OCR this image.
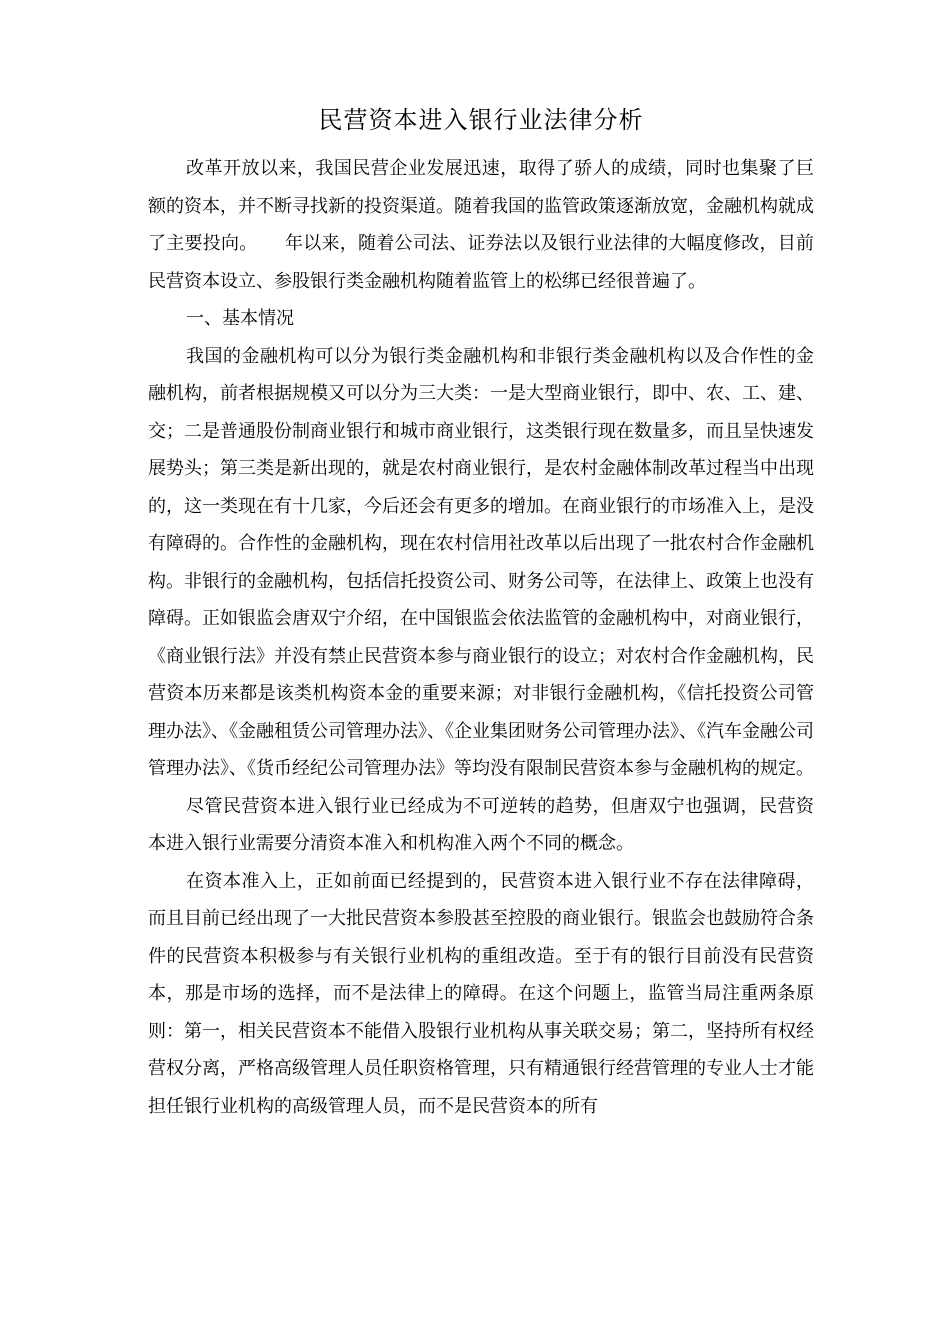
民营资本进入银行业法律分析

改革开放以来，我国民营企业发展迅速，取得了骄人的成绩，同时也集聚了巨额的资本，并不断寻找新的投资渠道。随着我国的监管政策逐渐放宽，金融机构就成了主要投向。　　年以来，随着公司法、证券法以及银行业法律的大幅度修改，目前民营资本设立、参股银行类金融机构随着监管上的松绑已经很普遍了。

一、基本情况

我国的金融机构可以分为银行类金融机构和非银行类金融机构以及合作性的金融机构，前者根据规模又可以分为三大类：一是大型商业银行，即中、农、工、建、交；二是普通股份制商业银行和城市商业银行，这类银行现在数量多，而且呈快速发展势头；第三类是新出现的，就是农村商业银行，是农村金融体制改革过程当中出现的，这一类现在有十几家，今后还会有更多的增加。在商业银行的市场准入上，是没有障碍的。合作性的金融机构，现在农村信用社改革以后出现了一批农村合作金融机构。非银行的金融机构，包括信托投资公司、财务公司等，在法律上、政策上也没有障碍。正如银监会唐双宁介绍，在中国银监会依法监管的金融机构中，对商业银行，《商业银行法》并没有禁止民营资本参与商业银行的设立；对农村合作金融机构，民营资本历来都是该类机构资本金的重要来源；对非银行金融机构，《信托投资公司管理办法》、《金融租赁公司管理办法》、《企业集团财务公司管理办法》、《汽车金融公司管理办法》、《货币经纪公司管理办法》等均没有限制民营资本参与金融机构的规定。

尽管民营资本进入银行业已经成为不可逆转的趋势，但唐双宁也强调，民营资本进入银行业需要分清资本准入和机构准入两个不同的概念。

在资本准入上，正如前面已经提到的，民营资本进入银行业不存在法律障碍，而且目前已经出现了一大批民营资本参股甚至控股的商业银行。银监会也鼓励符合条件的民营资本积极参与有关银行业机构的重组改造。至于有的银行目前没有民营资本，那是市场的选择，而不是法律上的障碍。在这个问题上，监管当局注重两条原则：第一，相关民营资本不能借入股银行业机构从事关联交易；第二，坚持所有权经营权分离，严格高级管理人员任职资格管理，只有精通银行经营管理的专业人士才能担任银行业机构的高级管理人员，而不是民营资本的所有
